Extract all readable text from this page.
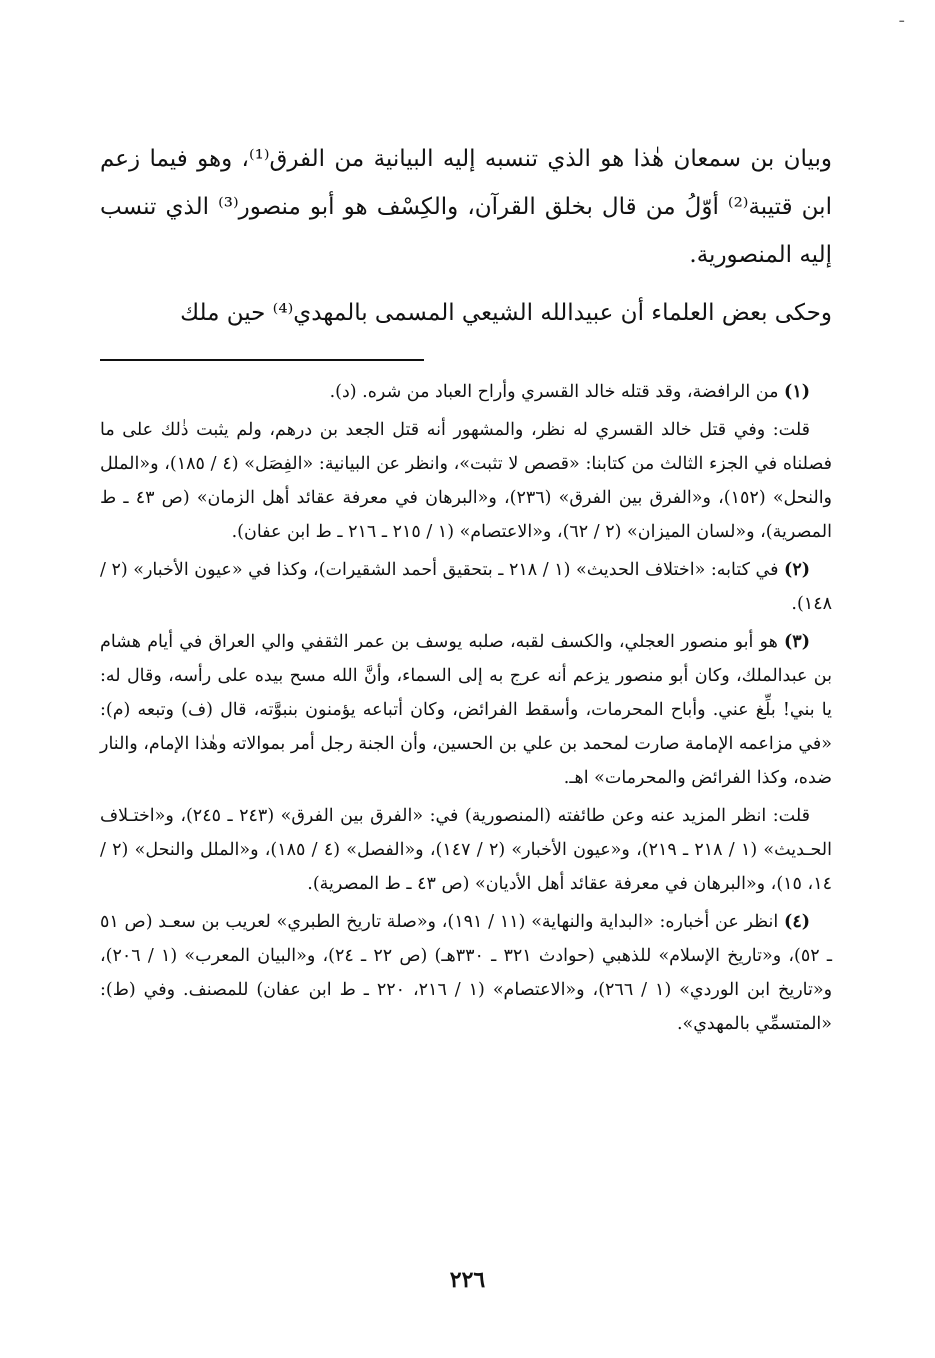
-

وبيان بن سمعان هٰذا هو الذي تنسبه إليه البيانية من الفرق⁽¹⁾، وهو فيما زعم ابن قتيبة⁽²⁾ أوّلُ من قال بخلق القرآن، والكِسْف هو أبو منصور⁽³⁾ الذي تنسب إليه المنصورية.

وحكى بعض العلماء أن عبيدالله الشيعي المسمى بالمهدي⁽⁴⁾ حين ملك

(١) من الرافضة، وقد قتله خالد القسري وأراح العباد من شره. (د).

قلت: وفي قتل خالد القسري له نظر، والمشهور أنه قتل الجعد بن درهم، ولم يثبت ذٰلك على ما فصلناه في الجزء الثالث من كتابنا: «قصص لا تثبت»، وانظر عن البيانية: «الفِصَل» (٤ / ١٨٥)، و«الملل والنحل» (١٥٢)، و«الفرق بين الفرق» (٢٣٦)، و«البرهان في معرفة عقائد أهل الزمان» (ص ٤٣ ـ ط المصرية)، و«لسان الميزان» (٢ / ٦٢)، و«الاعتصام» (١ / ٢١٥ ـ ٢١٦ ـ ط ابن عفان).

(٢) في كتابه: «اختلاف الحديث» (١ / ٢١٨ ـ بتحقيق أحمد الشقيرات)، وكذا في «عيون الأخبار» (٢ / ١٤٨).

(٣) هو أبو منصور العجلي، والكسف لقبه، صلبه يوسف بن عمر الثقفي والي العراق في أيام هشام بن عبدالملك، وكان أبو منصور يزعم أنه عرج به إلى السماء، وأنَّ الله مسح بيده على رأسه، وقال له: يا بني! بلِّغ عني. وأباح المحرمات، وأسقط الفرائض، وكان أتباعه يؤمنون بنبوَّته، قال (ف) وتبعه (م): «في مزاعمه الإمامة صارت لمحمد بن علي بن الحسين، وأن الجنة رجل أمر بموالاته وهٰذا الإمام، والنار ضده، وكذا الفرائض والمحرمات» اهـ.

قلت: انظر المزيد عنه وعن طائفته (المنصورية) في: «الفرق بين الفرق» (٢٤٣ ـ ٢٤٥)، و«اختـلاف الحـديث» (١ / ٢١٨ ـ ٢١٩)، و«عيون الأخبار» (٢ / ١٤٧)، و«الفصل» (٤ / ١٨٥)، و«الملل والنحل» (٢ / ١٤، ١٥)، و«البرهان في معرفة عقائد أهل الأديان» (ص ٤٣ ـ ط المصرية).

(٤) انظر عن أخباره: «البداية والنهاية» (١١ / ١٩١)، و«صلة تاريخ الطبري» لعريب بن سعـد (ص ٥١ ـ ٥٢)، و«تاريخ الإسلام» للذهبي (حوادث ٣٢١ ـ ٣٣٠هـ) (ص ٢٢ ـ ٢٤)، و«البيان المعرب» (١ / ٢٠٦)، و«تاريخ ابن الوردي» (١ / ٢٦٦)، و«الاعتصام» (١ / ٢١٦، ٢٢٠ ـ ط ابن عفان) للمصنف. وفي (ط): «المتسمِّي بالمهدي».

٢٢٦
